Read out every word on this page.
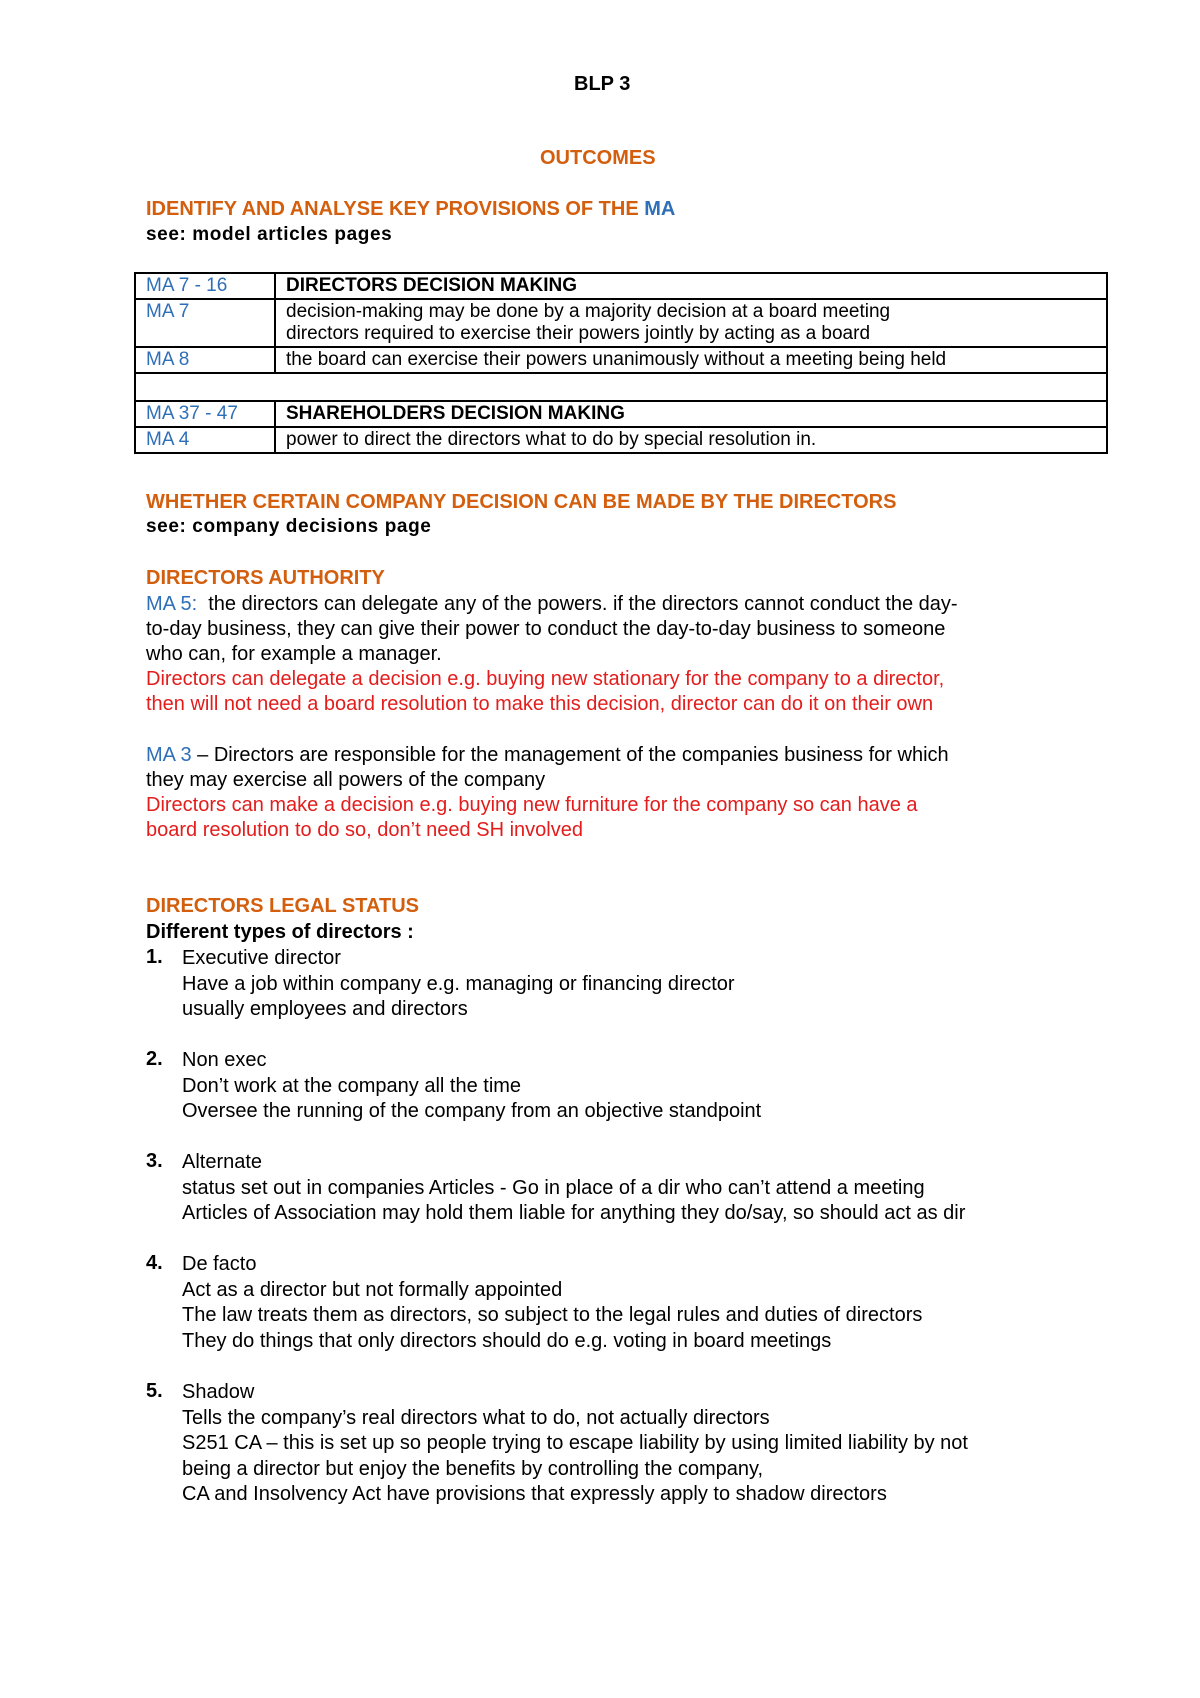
BLP 3
OUTCOMES
IDENTIFY AND ANALYSE KEY PROVISIONS OF THE MA
see: model articles pages
MA 7 - 16	DIRECTORS DECISION MAKING
MA 7	decision-making may be done by a majority decision at a board meeting
directors required to exercise their powers jointly by acting as a board

MA 8	the board can exercise their powers unanimously without a meeting being held

MA 37 - 47	SHAREHOLDERS DECISION MAKING
MA 4	power to direct the directors what to do by special resolution in.
WHETHER CERTAIN COMPANY DECISION CAN BE MADE BY THE DIRECTORS
see: company decisions page
DIRECTORS AUTHORITY
MA 5:  the directors can delegate any of the powers. if the directors cannot conduct the day-
to-day business, they can give their power to conduct the day-to-day business to someone
who can, for example a manager.
Directors can delegate a decision e.g. buying new stationary for the company to a director,
then will not need a board resolution to make this decision, director can do it on their own
MA 3 – Directors are responsible for the management of the companies business for which
they may exercise all powers of the company
Directors can make a decision e.g. buying new furniture for the company so can have a
board resolution to do so, don’t need SH involved
DIRECTORS LEGAL STATUS
Different types of directors :
1. Executive director
Have a job within company e.g. managing or financing director
usually employees and directors
2. Non exec
Don’t work at the company all the time
Oversee the running of the company from an objective standpoint
3. Alternate
status set out in companies Articles - Go in place of a dir who can’t attend a meeting
Articles of Association may hold them liable for anything they do/say, so should act as dir
4. De facto
Act as a director but not formally appointed
The law treats them as directors, so subject to the legal rules and duties of directors
They do things that only directors should do e.g. voting in board meetings
5. Shadow
Tells the company’s real directors what to do, not actually directors
S251 CA – this is set up so people trying to escape liability by using limited liability by not
being a director but enjoy the benefits by controlling the company,
CA and Insolvency Act have provisions that expressly apply to shadow directors
